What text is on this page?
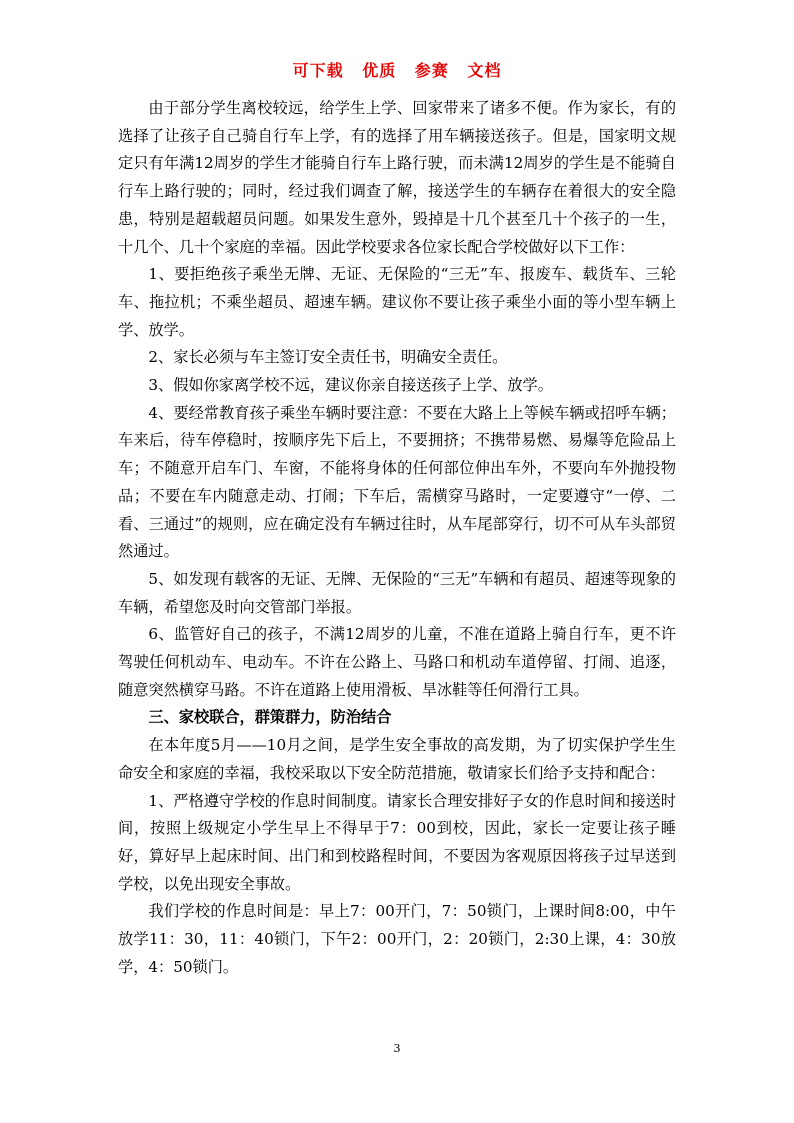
可下载 优质 参赛 文档

由于部分学生离校较远，给学生上学、回家带来了诸多不便。作为家长，有的选择了让孩子自己骑自行车上学，有的选择了用车辆接送孩子。但是，国家明文规定只有年满12周岁的学生才能骑自行车上路行驶，而未满12周岁的学生是不能骑自行车上路行驶的；同时，经过我们调查了解，接送学生的车辆存在着很大的安全隐患，特别是超载超员问题。如果发生意外，毁掉是十几个甚至几十个孩子的一生，十几个、几十个家庭的幸福。因此学校要求各位家长配合学校做好以下工作：

1、要拒绝孩子乘坐无牌、无证、无保险的“三无”车、报废车、载货车、三轮车、拖拉机；不乘坐超员、超速车辆。建议你不要让孩子乘坐小面的等小型车辆上学、放学。

2、家长必须与车主签订安全责任书，明确安全责任。

3、假如你家离学校不远，建议你亲自接送孩子上学、放学。

4、要经常教育孩子乘坐车辆时要注意：不要在大路上上等候车辆或招呼车辆；车来后，待车停稳时，按顺序先下后上，不要拥挤；不携带易燃、易爆等危险品上车；不随意开启车门、车窗，不能将身体的任何部位伸出车外，不要向车外抛投物品；不要在车内随意走动、打闹；下车后，需横穿马路时，一定要遵守“一停、二看、三通过”的规则，应在确定没有车辆过往时，从车尾部穿行，切不可从车头部贸然通过。

5、如发现有载客的无证、无牌、无保险的“三无”车辆和有超员、超速等现象的车辆，希望您及时向交管部门举报。

6、监管好自己的孩子，不满12周岁的儿童，不准在道路上骑自行车，更不许驾驶任何机动车、电动车。不许在公路上、马路口和机动车道停留、打闹、追逐，随意突然横穿马路。不许在道路上使用滑板、旱冰鞋等任何滑行工具。

三、家校联合，群策群力，防治结合

在本年度5月——10月之间，是学生安全事故的高发期，为了切实保护学生生命安全和家庭的幸福，我校采取以下安全防范措施，敬请家长们给予支持和配合：

1、严格遵守学校的作息时间制度。请家长合理安排好子女的作息时间和接送时间，按照上级规定小学生早上不得早于7：00到校，因此，家长一定要让孩子睡好，算好早上起床时间、出门和到校路程时间，不要因为客观原因将孩子过早送到学校，以免出现安全事故。

我们学校的作息时间是：早上7：00开门，7：50锁门，上课时间8:00，中午放学11：30，11：40锁门，下午2：00开门，2：20锁门，2:30上课，4：30放学，4：50锁门。

3
